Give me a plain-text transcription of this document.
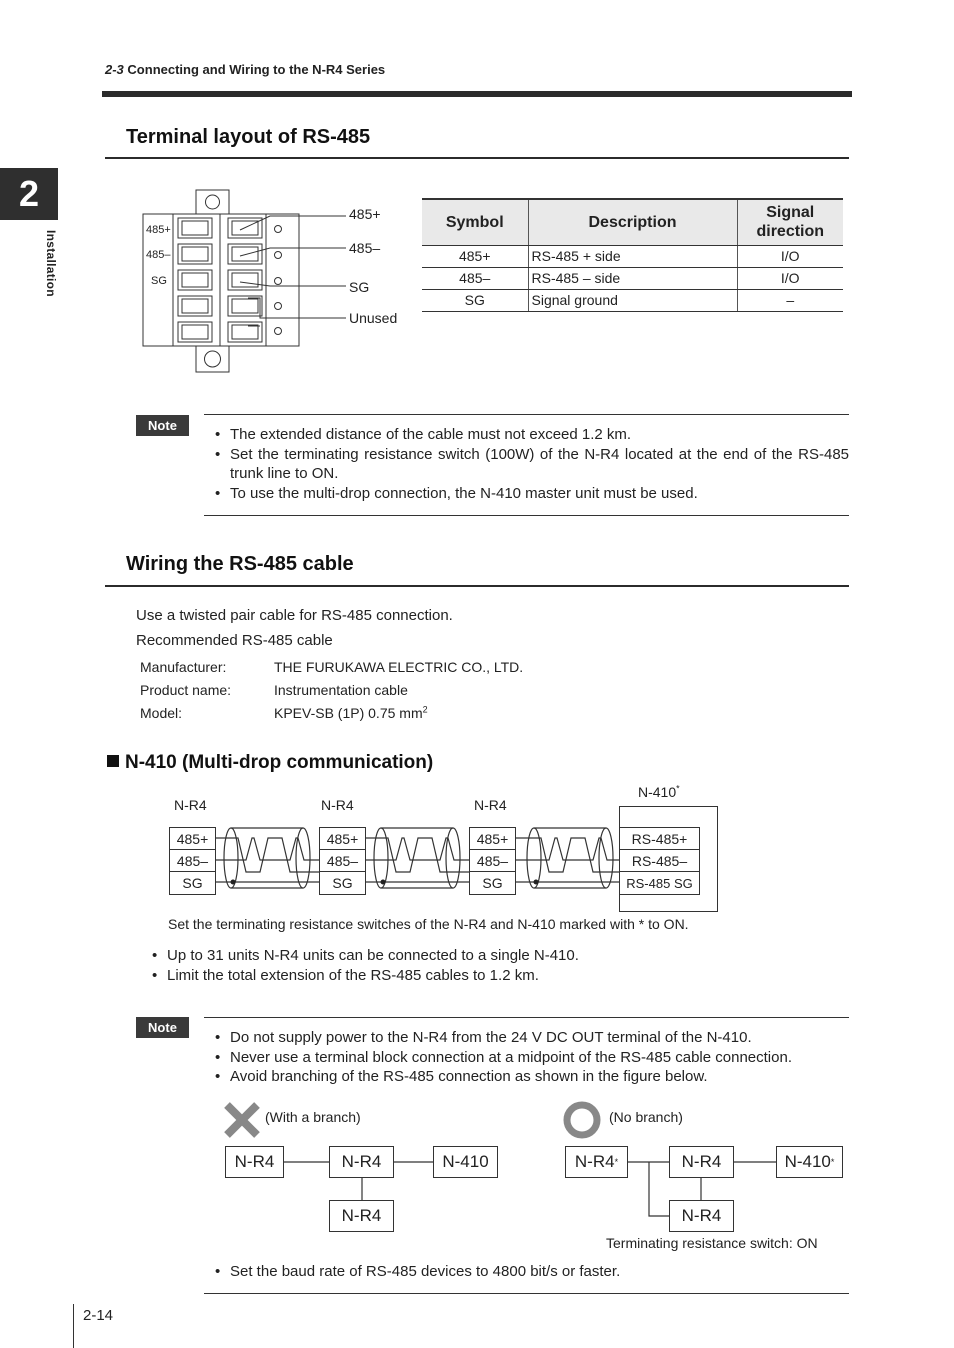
2-3 Connecting and Wiring to the N-R4 Series
2
Installation
Terminal layout of RS-485
485+
485–
SG
485+
485–
SG
Unused
Symbol	Description	Signal direction
485+	RS-485 + side	I/O
485–	RS-485 – side	I/O
SG	Signal ground	–
Note
• The extended distance of the cable must not exceed 1.2 km.
• Set the terminating resistance switch (100W) of the N-R4 located at the end of the RS-485 trunk line to ON.
• To use the multi-drop connection, the N-410 master unit must be used.
Wiring the RS-485 cable
Use a twisted pair cable for RS-485 connection.
Recommended RS-485 cable
Manufacturer:	THE FURUKAWA ELECTRIC CO., LTD.
Product name:	Instrumentation cable
Model:	KPEV-SB (1P) 0.75 $mm^2$
N-410 (Multi-drop communication)
N-R4	N-R4	N-R4
N-410*
485+
485–
SG
485+
485–
SG
485+
485–
SG
RS-485+
RS-485–
RS-485 SG
Set the terminating resistance switches of the N-R4 and N-410 marked with * to ON.
• Up to 31 units N-R4 units can be connected to a single N-410.
• Limit the total extension of the RS-485 cables to 1.2 km.
Note
• Do not supply power to the N-R4 from the 24 V DC OUT terminal of the N-410.
• Never use a terminal block connection at a midpoint of the RS-485 cable connection.
• Avoid branching of the RS-485 connection as shown in the figure below.
(With a branch)	(No branch)
N-R4	N-R4	N-410
N-R4
N-R4 *	N-R4	N-410 *
N-R4
Terminating resistance switch: ON
• Set the baud rate of RS-485 devices to 4800 bit/s or faster.
2-14
